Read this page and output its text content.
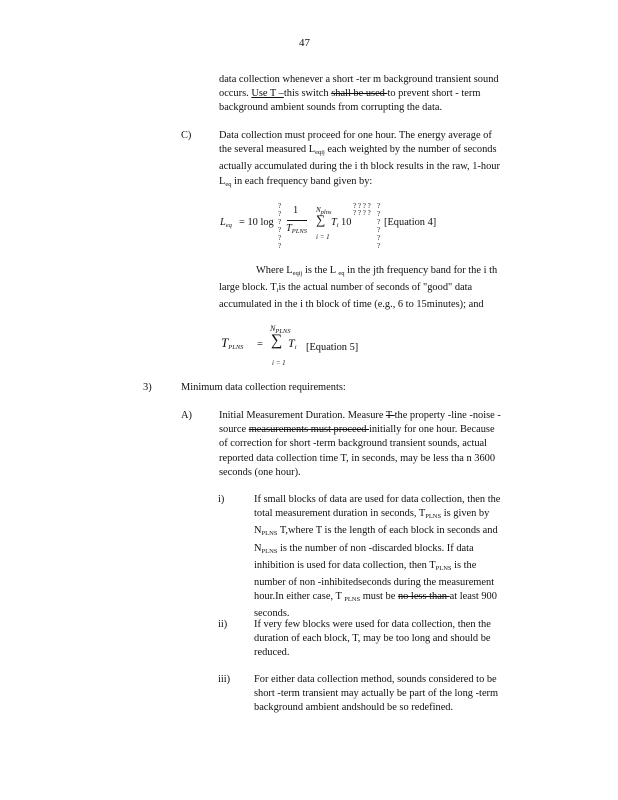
47
data collection whenever a short -ter m background transient sound
occurs. Use T –this switch shall be used to prevent short - term
background ambient sounds from corrupting the data.
C)	Data collection must proceed for one hour. The energy average of
the several measured $L_{eqij}$ each weighted by the number of seconds
actually accumulated during the i th block results in the raw, 1-hour
$L_{eq}$ in each frequency band given by:
$L_{eq} = 10$ log
?
?
?
?
?
?
1
$T_{PLNS}$
Nplns
∑
i = 1
$T_i$ 10
? ? ? ?
? ? ? ?
?
?
?
?
?
?
[Equation 4]
Where $L_{eqij}$ is the L $_{eq}$ in the jth frequency band for the i th
large block. $T_iis$ the actual number of seconds of "good" data
accumulated in the i th block of time (e.g., 6 to 15minutes); and
$N_{PLNS}$
$T_{PLNS}$ = ∑ $T_i$ [Equation 5]
i = 1
3)	Minimum data collection requirements:
A)	Initial Measurement Duration. Measure T the property -line -noise -
source measurements must proceed initially for one hour. Because
of correction for short -term background transient sounds, actual
reported data collection time T, in seconds, may be less tha n 3600
seconds (one hour).
i)	If small blocks of data are used for data collection, then the
total measurement duration in seconds, $T_{PLNS}$ is given by
$N_{PLNS}$ T,where T is the length of each block in seconds and
$N_{PLNS}$ is the number of non -discarded blocks. If data
inhibition is used for data collection, then $T_{PLNS}$ is the
number of non -inhibitedseconds during the measurement
hour.In either case, T $_{PLNS}$ must be no less than at least 900
seconds.
ii)	If very few blocks were used for data collection, then the
duration of each block, T, may be too long and should be
reduced.
iii) For either data collection method, sounds considered to be
short -term transient may actually be part of the long -term
background ambient andshould be so redefined.
